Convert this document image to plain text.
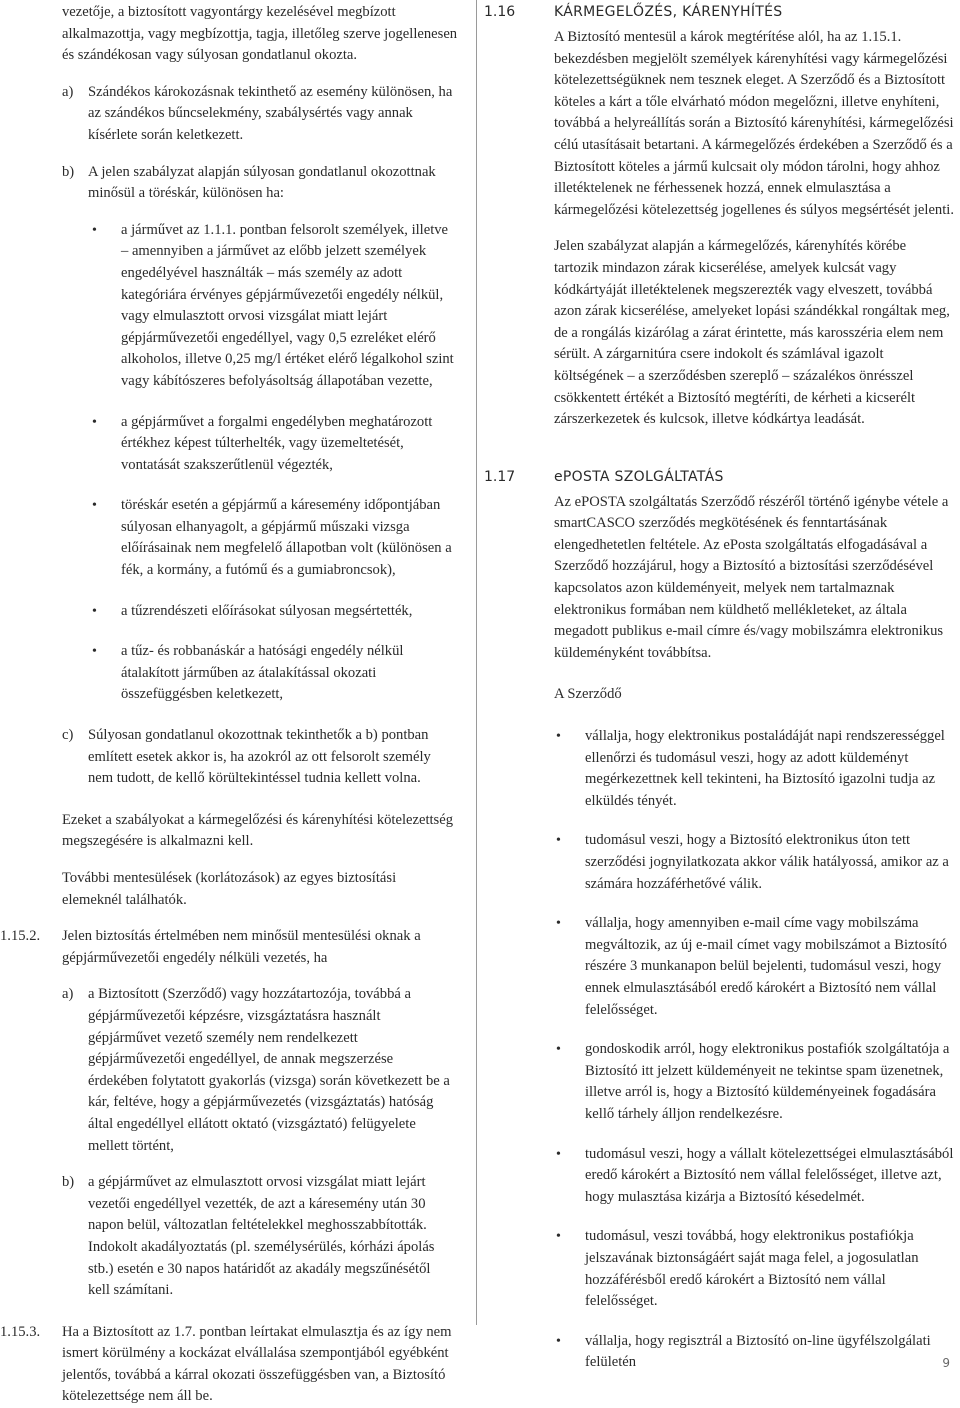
vezetője, a biztosított vagyontárgy kezelésével megbízott alkalmazottja, vagy megbízottja, tagja, illetőleg szerve jogellenesen és szándékosan vagy súlyosan gondatlanul okozta.

a) Szándékos károkozásnak tekinthető az esemény különösen, ha az szándékos bűncselekmény, szabálysértés vagy annak kísérlete során keletkezett.

b) A jelen szabályzat alapján súlyosan gondatlanul okozottnak minősül a töréskár, különösen ha:

• a járművet az 1.1.1. pontban felsorolt személyek, illetve – amennyiben a járművet az előbb jelzett személyek engedélyével használták – más személy az adott kategóriára érvényes gépjárművezetői engedély nélkül, vagy elmulasztott orvosi vizsgálat miatt lejárt gépjárművezetői engedéllyel, vagy 0,5 ezreléket elérő alkoholos, illetve 0,25 mg/l értéket elérő légalkohol szint vagy kábítószeres befolyásoltság állapotában vezette,
• a gépjárművet a forgalmi engedélyben meghatározott értékhez képest túlterhelték, vagy üzemeltetését, vontatását szakszerűtlenül végezték,
• töréskár esetén a gépjármű a káresemény időpontjában súlyosan elhanyagolt, a gépjármű műszaki vizsga előírásainak nem megfelelő állapotban volt (különösen a fék, a kormány, a futómű és a gumiabroncsok),
• a tűzrendészeti előírásokat súlyosan megsértették,
• a tűz- és robbanáskár a hatósági engedély nélkül átalakított járműben az átalakítással okozati összefüggésben keletkezett,
c) Súlyosan gondatlanul okozottnak tekinthetők a b) pontban említett esetek akkor is, ha azokról az ott felsorolt személy nem tudott, de kellő körültekintéssel tudnia kellett volna.

Ezeket a szabályokat a kármegelőzési és kárenyhítési kötelezettség megszegésére is alkalmazni kell.

További mentesülések (korlátozások) az egyes biztosítási elemeknél találhatók.

1.15.2. Jelen biztosítás értelmében nem minősül mentesülési oknak a gépjárművezetői engedély nélküli vezetés, ha

a) a Biztosított (Szerződő) vagy hozzátartozója, továbbá a gépjárművezetői képzésre, vizsgáztatásra használt gépjárművet vezető személy nem rendelkezett gépjárművezetői engedéllyel, de annak megszerzése érdekében folytatott gyakorlás (vizsga) során következett be a kár, feltéve, hogy a gépjárművezetés (vizsgáztatás) hatóság által engedéllyel ellátott oktató (vizsgáztató) felügyelete mellett történt,

b) a gépjárművet az elmulasztott orvosi vizsgálat miatt lejárt vezetői engedéllyel vezették, de azt a káresemény után 30 napon belül, változatlan feltételekkel meghosszabbították. Indokolt akadályoztatás (pl. személysérülés, kórházi ápolás stb.) esetén e 30 napos határidőt az akadály megszűnésétől kell számítani.

1.15.3. Ha a Biztosított az 1.7. pontban leírtakat elmulasztja és az így nem ismert körülmény a kockázat elvállalása szempontjából egyébként jelentős, továbbá a kárral okozati összefüggésben van, a Biztosító kötelezettsége nem áll be.

1.16	KÁRMEGELŐZÉS, KÁRENYHÍTÉS

A Biztosító mentesül a károk megtérítése alól, ha az 1.15.1. bekezdésben megjelölt személyek kárenyhítési vagy kármegelőzési kötelezettségüknek nem tesznek eleget. A Szerződő és a Biztosított köteles a kárt a tőle elvárható módon megelőzni, illetve enyhíteni, továbbá a helyreállítás során a Biztosító kárenyhítési, kármegelőzési célú utasításait betartani. A kármegelőzés érdekében a Szerződő és a Biztosított köteles a jármű kulcsait oly módon tárolni, hogy ahhoz illetéktelenek ne férhessenek hozzá, ennek elmulasztása a kármegelőzési kötelezettség jogellenes és súlyos megsértését jelenti.

Jelen szabályzat alapján a kármegelőzés, kárenyhítés körébe tartozik mindazon zárak kicserélése, amelyek kulcsát vagy kódkártyáját illetéktelenek megszerezték vagy elveszett, továbbá azon zárak kicserélése, amelyeket lopási szándékkal rongáltak meg, de a rongálás kizárólag a zárat érintette, más karosszéria elem nem sérült. A zárgarnitúra csere indokolt és számlával igazolt költségének – a szerződésben szereplő – százalékos önrésszel csökkentett értékét a Biztosító megtéríti, de kérheti a kicserélt zárszerkezetek és kulcsok, illetve kódkártya leadását.

1.17	ePOSTA SZOLGÁLTATÁS

Az ePOSTA szolgáltatás Szerződő részéről történő igénybe vétele a smartCASCO szerződés megkötésének és fenntartásának elengedhetetlen feltétele. Az ePosta szolgáltatás elfogadásával a Szerződő hozzájárul, hogy a Biztosító a biztosítási szerződésével kapcsolatos azon küldeményeit, melyek nem tartalmaznak elektronikus formában nem küldhető mellékleteket, az általa megadott publikus e-mail címre és/vagy mobilszámra elektronikus küldeményként továbbítsa.

A Szerződő

• vállalja, hogy elektronikus postaládáját napi rendszerességgel ellenőrzi és tudomásul veszi, hogy az adott küldeményt megérkezettnek kell tekinteni, ha Biztosító igazolni tudja az elküldés tényét.
• tudomásul veszi, hogy a Biztosító elektronikus úton tett szerződési jognyilatkozata akkor válik hatályossá, amikor az a számára hozzáférhetővé válik.
• vállalja, hogy amennyiben e-mail címe vagy mobilszáma megváltozik, az új e-mail címet vagy mobilszámot a Biztosító részére 3 munkanapon belül bejelenti, tudomásul veszi, hogy ennek elmulasztásából eredő károkért a Biztosító nem vállal felelősséget.
• gondoskodik arról, hogy elektronikus postafiók szolgáltatója a Biztosító itt jelzett küldeményeit ne tekintse spam üzenetnek, illetve arról is, hogy a Biztosító küldeményeinek fogadására kellő tárhely álljon rendelkezésre.
• tudomásul veszi, hogy a vállalt kötelezettségei elmulasztásából eredő károkért a Biztosító nem vállal felelősséget, illetve azt, hogy mulasztása kizárja a Biztosító késedelmét.
• tudomásul, veszi továbbá, hogy elektronikus postafiókja jelszavának biztonságáért saját maga felel, a jogosulatlan hozzáférésből eredő károkért a Biztosító nem vállal felelősséget.
• vállalja, hogy regisztrál a Biztosító on-line ügyfélszolgálati felületén	9
